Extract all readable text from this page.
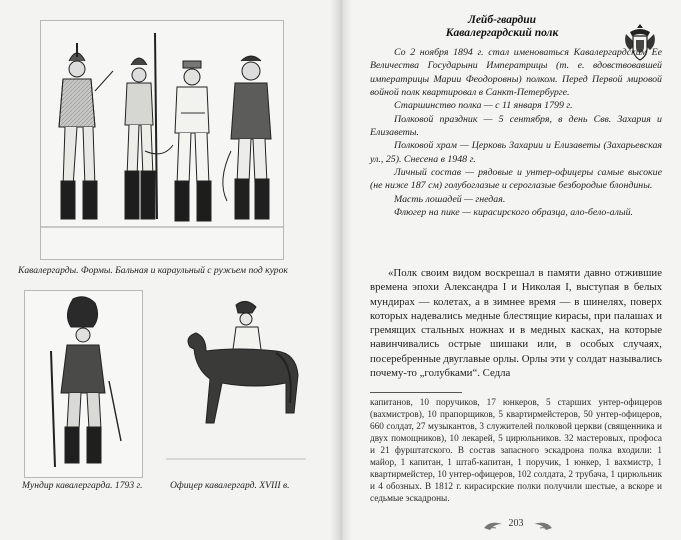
Кавалергарды. Формы. Бальная и караульный с ружьем под курок
Мундир кавалергарда. 1793 г.	Офицер кавалергард. XVIII в.
Лейб-гвардии
Кавалергардский полк

Со 2 ноября 1894 г. стал именоваться Кавалергардским Ее Величества Государыни Императрицы (т. е. вдовствовавшей императрицы Марии Феодоровны) полком. Перед Первой мировой войной полк квартировал в Санкт-Петербурге.

Старшинство полка — с 11 января 1799 г.

Полковой праздник — 5 сентября, в день Свв. Захария и Елизаветы.

Полковой храм — Церковь Захарии и Елизаветы (Захарьевская ул., 25). Снесена в 1948 г.

Личный состав — рядовые и унтер-офицеры самые высокие (не ниже 187 см) голубоглазые и сероглазые безбородые блондины.

Масть лошадей — гнедая.

Флюгер на пике — кирасирского образца, ало-бело-алый.

«Полк своим видом воскрешал в памяти давно отжившие времена эпохи Александра I и Николая I, выступая в белых мундирах — колетах, а в зимнее время — в шинелях, поверх которых надевались медные блестящие кирасы, при палашах и гремящих стальных ножнах и в медных касках, на которые навинчивались острые шишаки или, в особых случаях, посеребренные двуглавые орлы. Орлы эти у солдат назывались почему-то „голубками“. Седла

капитанов, 10 поручиков, 17 юнкеров, 5 старших унтер-офицеров (вахмистров), 10 прапорщиков, 5 квартирмейстеров, 50 унтер-офицеров, 660 солдат, 27 музыкантов, 3 служителей полковой церкви (священника и двух помощников), 10 лекарей, 5 цирюльников. 32 мастеровых, профоса и 21 фурштатского. В состав запасного эскадрона полка входили: 1 майор, 1 капитан, 1 штаб-капитан, 1 поручик, 1 юнкер, 1 вахмистр, 1 квартирмейстер, 10 унтер-офицеров, 102 солдата, 2 трубача, 1 цирюльник и 4 обозных. В 1812 г. кирасирские полки получили шестые, а вскоре и седьмые эскадроны.

203
